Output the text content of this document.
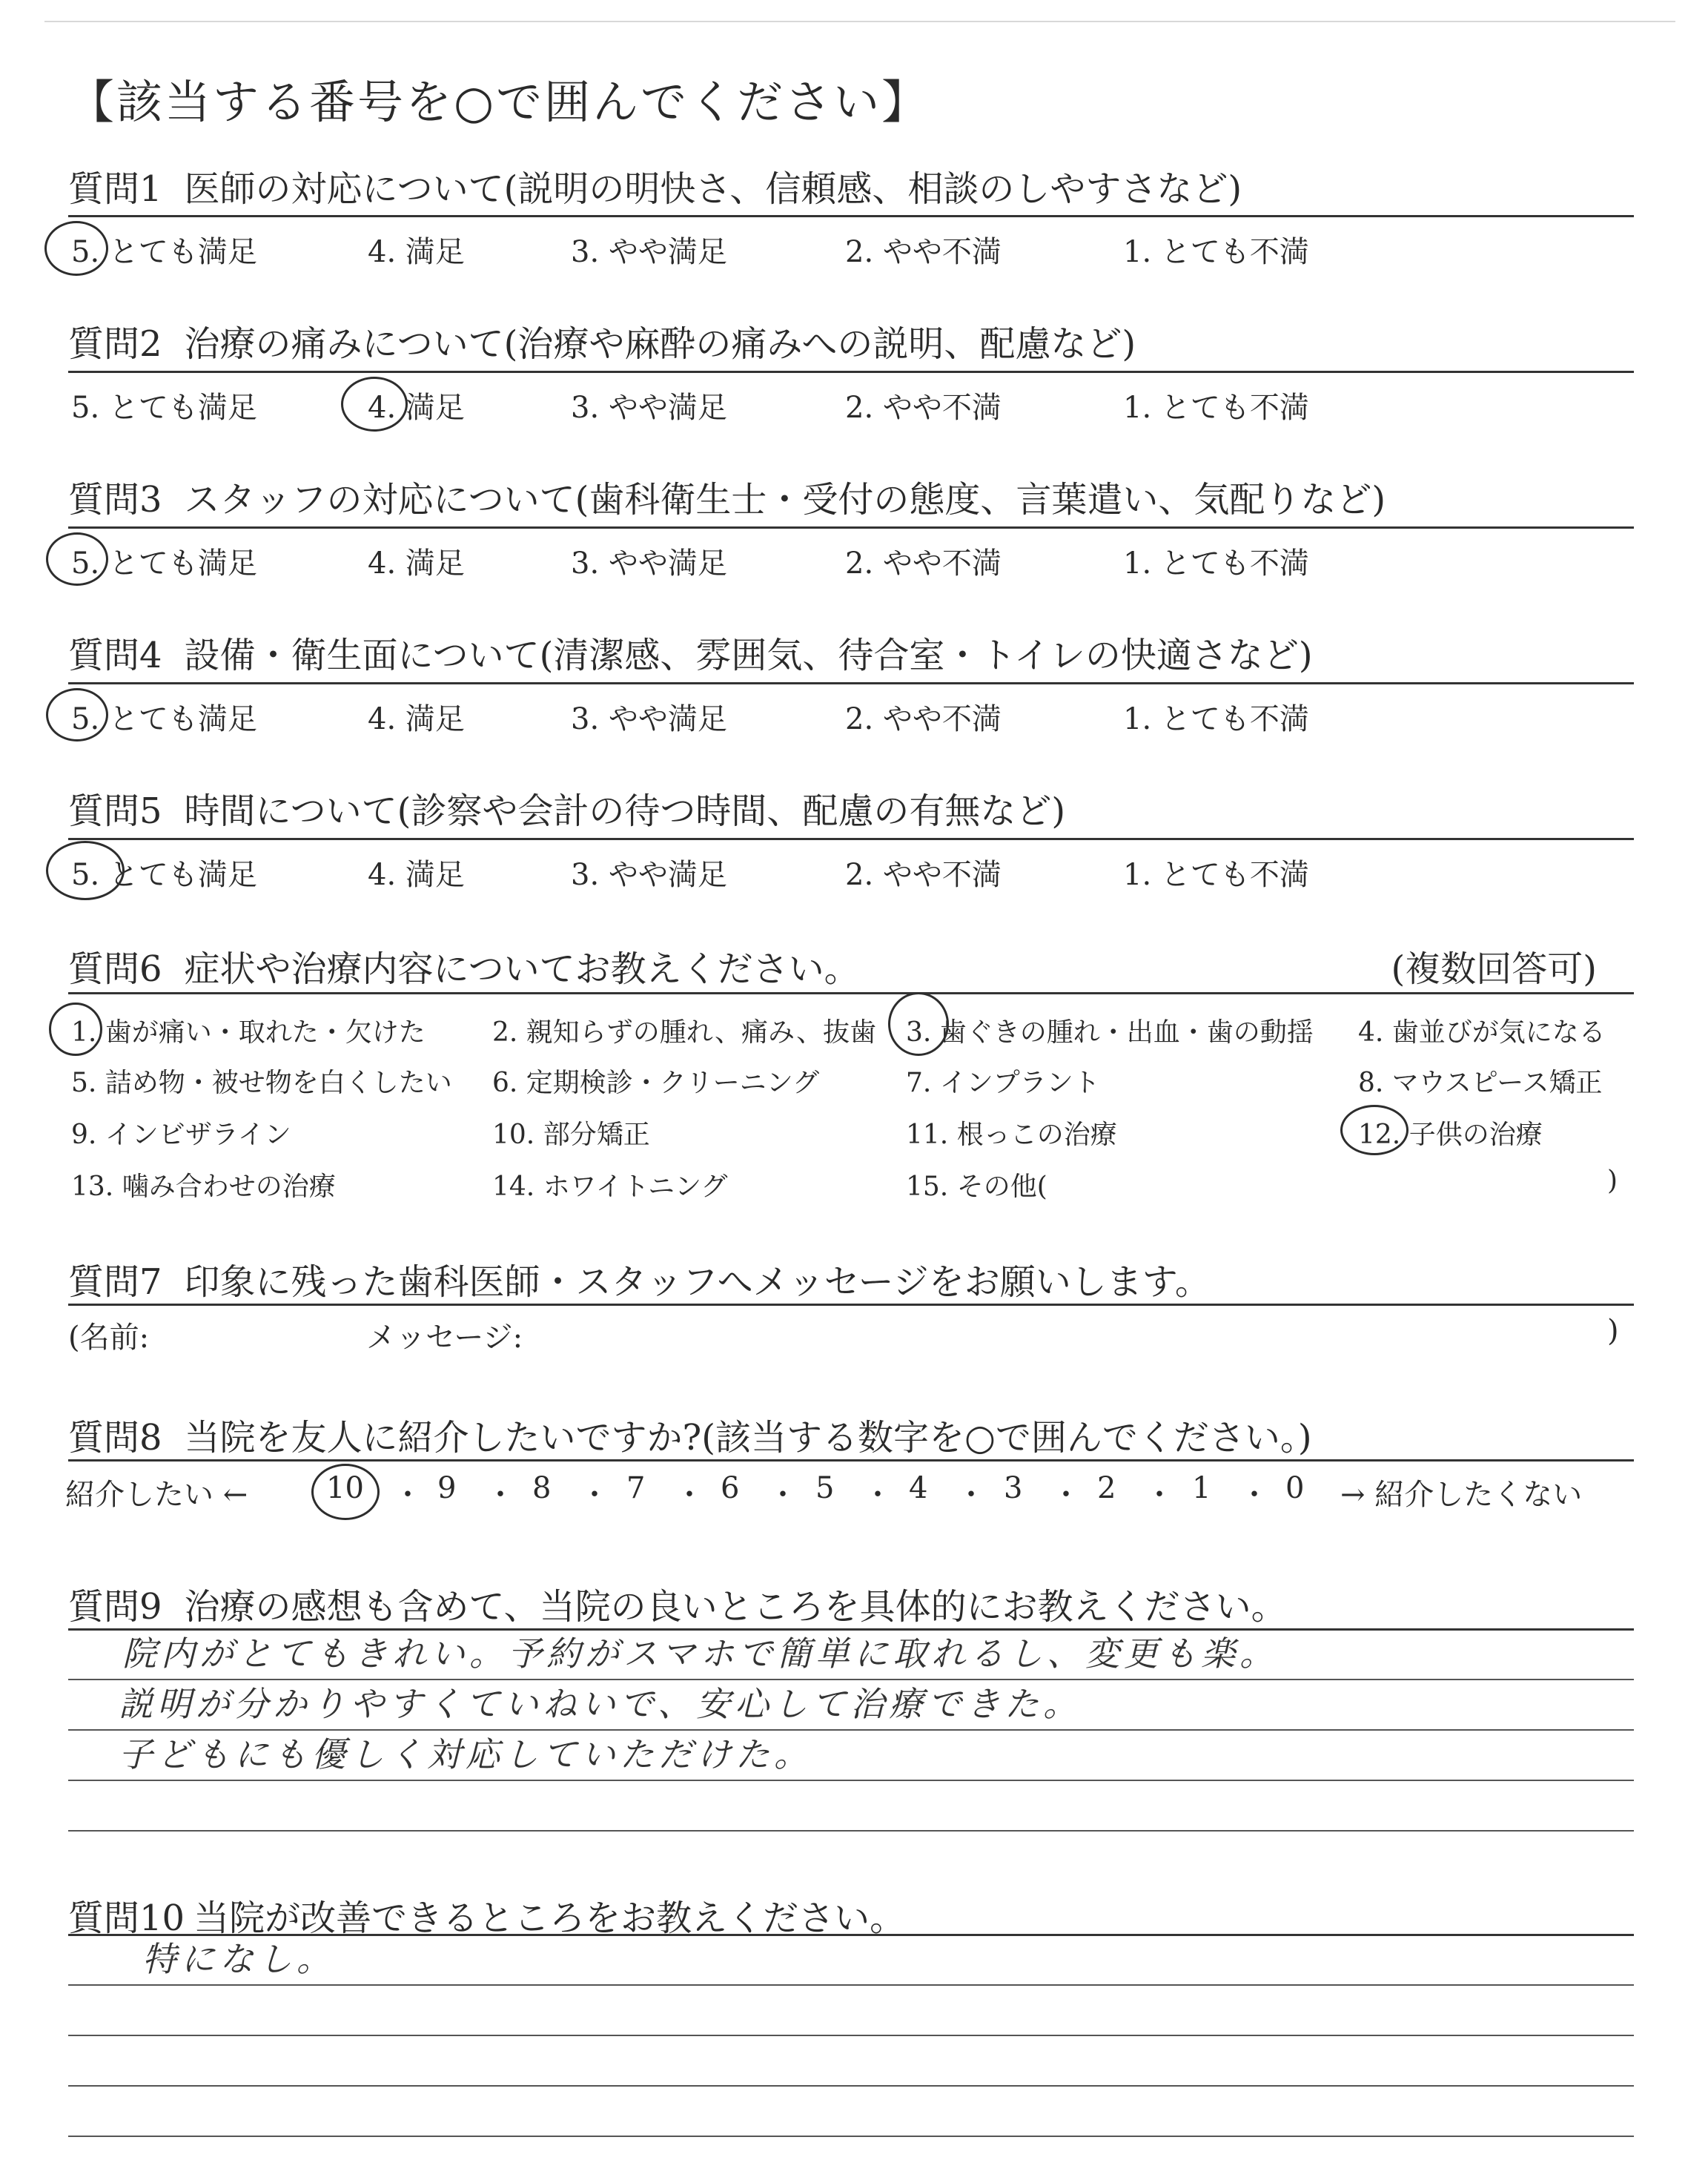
【該当する番号を○で囲んでください】
質問1 医師の対応について(説明の明快さ、信頼感、相談のしやすさなど)
5. とても満足	4. 満足	3. やや満足	2. やや不満	1. とても不満
質問2 治療の痛みについて(治療や麻酔の痛みへの説明、配慮など)
5. とても満足	4. 満足	3. やや満足	2. やや不満	1. とても不満
質問3 スタッフの対応について(歯科衛生士・受付の態度、言葉遣い、気配りなど)
5. とても満足	4. 満足	3. やや満足	2. やや不満	1. とても不満
質問4 設備・衛生面について(清潔感、雰囲気、待合室・トイレの快適さなど)
5. とても満足	4. 満足	3. やや満足	2. やや不満	1. とても不満
質問5 時間について(診察や会計の待つ時間、配慮の有無など)
5. とても満足	4. 満足	3. やや満足	2. やや不満	1. とても不満
質問6 症状や治療内容についてお教えください。	(複数回答可)
1. 歯が痛い・取れた・欠けた	2. 親知らずの腫れ、痛み、抜歯 3. 歯ぐきの腫れ・出血・歯の動揺 4. 歯並びが気になる
5. 詰め物・被せ物を白くしたい 6. 定期検診・クリーニング	7. インプラント	8. マウスピース矯正
9. インビザライン	10. 部分矯正	11. 根っこの治療	12. 子供の治療
13. 噛み合わせの治療	14. ホワイトニング	15. その他(	)
質問7 印象に残った歯科医師・スタッフへメッセージをお願いします。
(名前:	メッセージ:	)
質問8 当院を友人に紹介したいですか?(該当する数字を○で囲んでください。)
紹介したい ←	10 ・ 9 ・ 8 ・ 7 ・ 6 ・ 5 ・ 4 ・ 3 ・ 2 ・ 1 ・ 0 → 紹介したくない
質問9 治療の感想も含めて、当院の良いところを具体的にお教えください。
院内がとてもきれい。予約がスマホで簡単に取れるし、変更も楽。
説明が分かりやすくていねいで、安心して治療できた。
子どもにも優しく対応していただけた。
質問10 当院が改善できるところをお教えください。
特になし。
